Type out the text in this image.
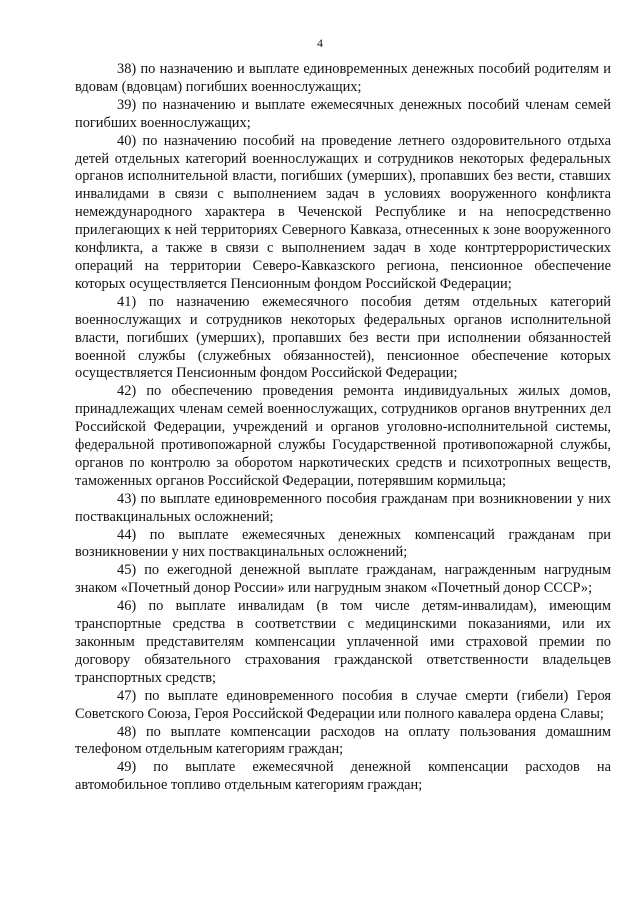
4

38) по назначению и выплате единовременных денежных пособий родителям и вдовам (вдовцам) погибших военнослужащих;

39) по назначению и выплате ежемесячных денежных пособий членам семей погибших военнослужащих;

40) по назначению пособий на проведение летнего оздоровительного отдыха детей отдельных категорий военнослужащих и сотрудников некоторых федеральных органов исполнительной власти, погибших (умерших), пропавших без вести, ставших инвалидами в связи с выполнением задач в условиях вооруженного конфликта немеждународного характера в Чеченской Республике и на непосредственно прилегающих к ней территориях Северного Кавказа, отнесенных к зоне вооруженного конфликта, а также в связи с выполнением задач в ходе контртеррористических операций на территории Северо-Кавказского региона, пенсионное обеспечение которых осуществляется Пенсионным фондом Российской Федерации;

41) по назначению ежемесячного пособия детям отдельных категорий военнослужащих и сотрудников некоторых федеральных органов исполнительной власти, погибших (умерших), пропавших без вести при исполнении обязанностей военной службы (служебных обязанностей), пенсионное обеспечение которых осуществляется Пенсионным фондом Российской Федерации;

42) по обеспечению проведения ремонта индивидуальных жилых домов, принадлежащих членам семей военнослужащих, сотрудников органов внутренних дел Российской Федерации, учреждений и органов уголовно-исполнительной системы, федеральной противопожарной службы Государственной противопожарной службы, органов по контролю за оборотом наркотических средств и психотропных веществ, таможенных органов Российской Федерации, потерявшим кормильца;

43) по выплате единовременного пособия гражданам при возникновении у них поствакцинальных осложнений;

44) по выплате ежемесячных денежных компенсаций гражданам при возникновении у них поствакцинальных осложнений;

45) по ежегодной денежной выплате гражданам, награжденным нагрудным знаком «Почетный донор России» или нагрудным знаком «Почетный донор СССР»;

46) по выплате инвалидам (в том числе детям-инвалидам), имеющим транспортные средства в соответствии с медицинскими показаниями, или их законным представителям компенсации уплаченной ими страховой премии по договору обязательного страхования гражданской ответственности владельцев транспортных средств;

47) по выплате единовременного пособия в случае смерти (гибели) Героя Советского Союза, Героя Российской Федерации или полного кавалера ордена Славы;

48) по выплате компенсации расходов на оплату пользования домашним телефоном отдельным категориям граждан;

49) по выплате ежемесячной денежной компенсации расходов на автомобильное топливо отдельным категориям граждан;
